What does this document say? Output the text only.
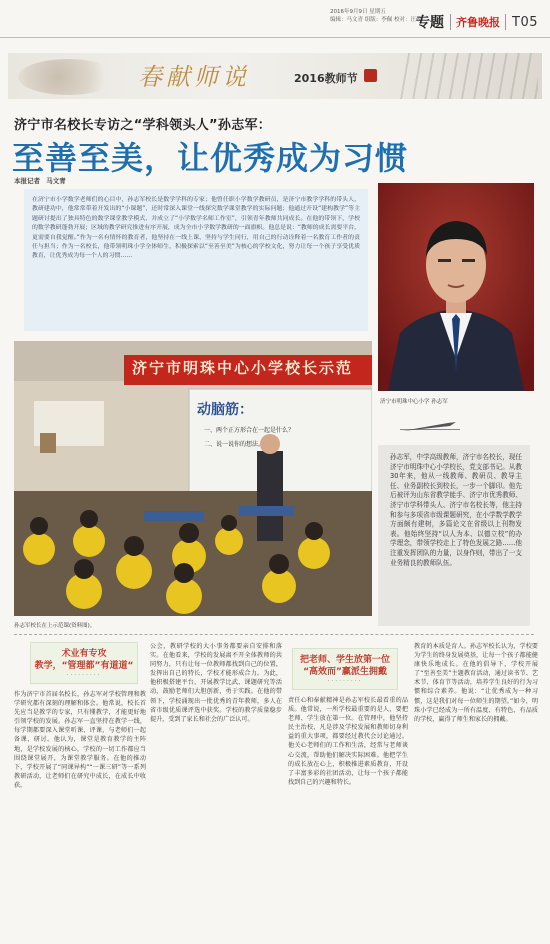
2016年9月9日 星期五
编辑：马文青 组版：李佩 校对：汪政
专题	齐鲁晚报 T05
春献师说	2016教师节
济宁市名校长专访之“学科领头人”孙志军：
至善至美，让优秀成为习惯
本报记者 马文青
在济宁市小学数学老师们的心目中，孙志军校长是数学学科的专家；他曾任职小学数学教研员，是济宁市教学学科的带头人，教研建功中，他常常带着开发出的“小课题”，还时常深入课堂一线探究数学课堂教学的实际问题；他通过开设“建构教学”等主题研讨提出了独具特色的数学课堂教学模式，并成立了“小学数学名师工作室”，引领青年教师共同成长。在他的带领下，学校的数学教研蓬勃开展；区域的教学研究推进有序开展，成为全市小学数学教研的一面旗帜。他总是说：“教师的成长需要平台，更需要自我觉醒。”作为一名有情怀的教育者，他坚持在一线上课，坚持与学生同行，用自己的行动诠释着一名教育工作者的责任与担当；作为一名校长，他带领明珠小学全体师生，积极探索以“至善至美”为核心的学校文化，努力让每一个孩子享受优质教育，让优秀成为每一个人的习惯……
济宁市明珠中心小学 孙志军
济宁市明珠中心小学校长示范
动脑筋：
一、两个正方形合在一起是什么？
二、说一说你的想法。
孙志军校长在上示范课(资料图)。
孙志军，中学高级教师，济宁市名校长，现任济宁市明珠中心小学校长，党支部书记。从教30年来，他从一线教师、教研员、教导主任、业务副校长到校长，一步一个脚印。他先后被评为山东省教学能手、济宁市优秀教师、济宁市学科带头人、济宁市名校长等，他主持和参与多项省市级课题研究，在小学数学教学方面颇有建树，多篇论文在省级以上刊物发表。他始终坚持“以人为本、以德立校”的办学理念，带领学校走上了特色发展之路……他注重发挥团队的力量，以身作则，带出了一支业务精良的教师队伍。
术业有专攻
教学，“管理都”有道道“
·········
作为济宁市首届名校长，孙志军对学校管理和教学研究都有深刻的理解和体会。他常说，校长首先应当是教学的专家，只有懂教学，才能更好地引领学校的发展。孙志军一直坚持在教学一线，每学期都要深入课堂听课、评课，与老师们一起备课、研讨。他认为，课堂是教育教学的主阵地，是学校发展的核心，学校的一切工作都应当围绕课堂展开，为课堂教学服务。在他的推动下，学校开展了“同课异构”“一课三研”等一系列教研活动，让老师们在研究中成长，在成长中收获。
公会，教研学校的大小事务都要亲自安排和落实。在他看来，学校的发展离不开全体教师的共同努力，只有让每一位教师都找到自己的位置，发挥出自己的特长，学校才能形成合力。为此，他积极搭建平台，开展教学比武、课题研究等活动，鼓励老师们大胆创新，勇于实践。在他的带领下，学校涌现出一批优秀的青年教师，多人在省市级优质课评选中获奖。学校的教学质量稳步提升，受到了家长和社会的广泛认可。
把老师、学生放第一位
“高效而”赢派生拥戴
·········
责任心和奉献精神是孙志军校长最看重的品质。他常说，一所学校最重要的是人，要把老师、学生放在第一位。在管理中，他坚持民主治校，凡是涉及学校发展和教师切身利益的重大事项，都要经过教代会讨论通过。他关心老师们的工作和生活，经常与老师谈心交流，帮助他们解决实际困难。他把学生的成长放在心上，积极推进素质教育，开设了丰富多彩的社团活动，让每一个孩子都能找到自己的兴趣和特长。
教育的本质是育人。孙志军校长认为，学校要为学生的终身发展奠基，让每一个孩子都能健康快乐地成长。在他的倡导下，学校开展了“至善至美”主题教育活动，通过读书节、艺术节、体育节等活动，培养学生良好的行为习惯和综合素养。他说：“让优秀成为一种习惯，这是我们对每一位师生的期望。”如今，明珠小学已经成为一所有温度、有特色、有品质的学校，赢得了师生和家长的拥戴。
